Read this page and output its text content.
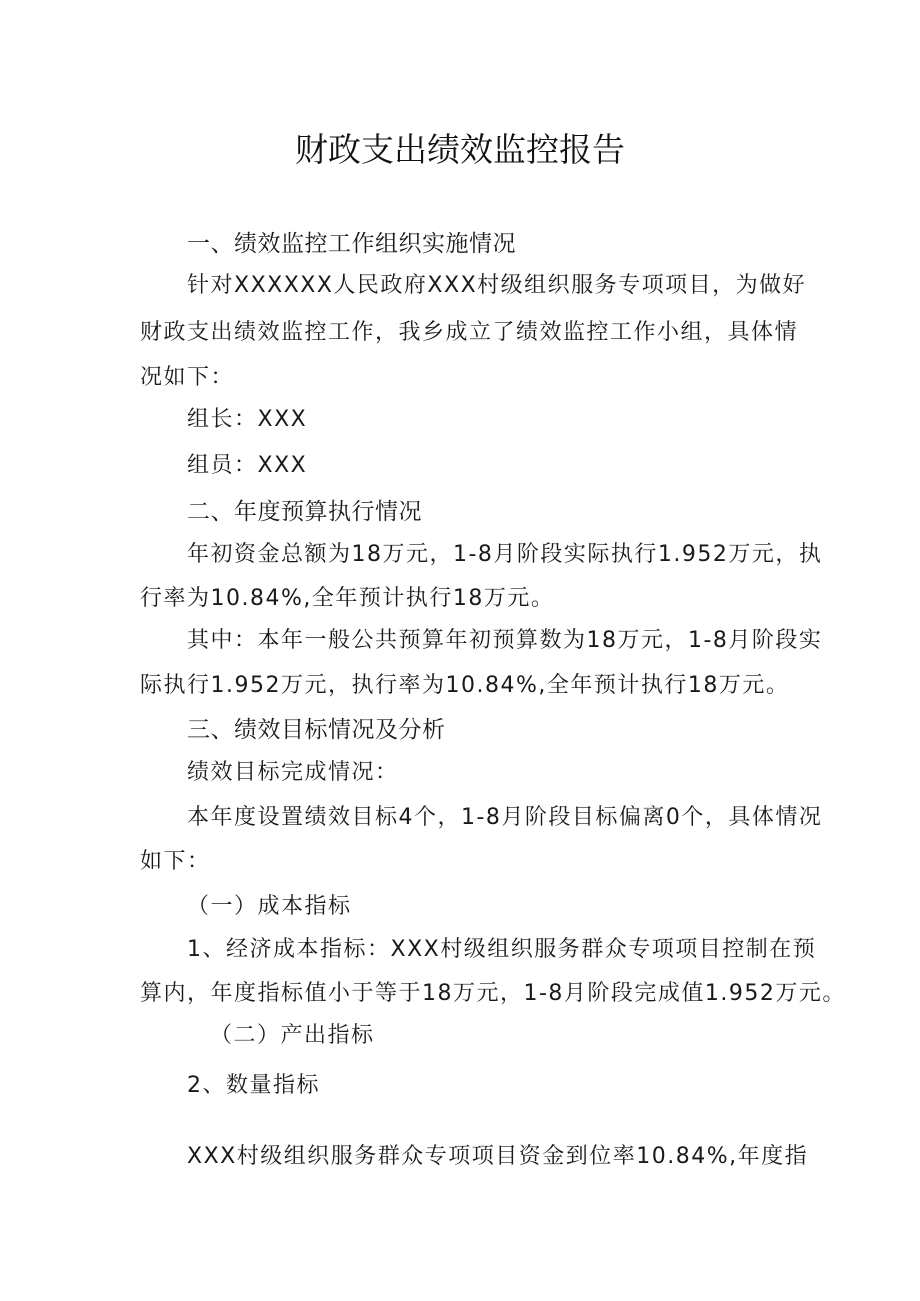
财政支出绩效监控报告
一、绩效监控工作组织实施情况
针对XXXXXX人民政府XXX村级组织服务专项项目，为做好
财政支出绩效监控工作，我乡成立了绩效监控工作小组，具体情
况如下：
组长：XXX
组员：XXX
二、年度预算执行情况
年初资金总额为18万元，1-8月阶段实际执行1.952万元，执
行率为10.84%,全年预计执行18万元。
其中：本年一般公共预算年初预算数为18万元，1-8月阶段实
际执行1.952万元，执行率为10.84%,全年预计执行18万元。
三、绩效目标情况及分析
绩效目标完成情况：
本年度设置绩效目标4个，1-8月阶段目标偏离0个，具体情况
如下：
（一）成本指标
1、经济成本指标：XXX村级组织服务群众专项项目控制在预
算内，年度指标值小于等于18万元，1-8月阶段完成值1.952万元。
（二）产出指标
2、数量指标
XXX村级组织服务群众专项项目资金到位率10.84%,年度指
